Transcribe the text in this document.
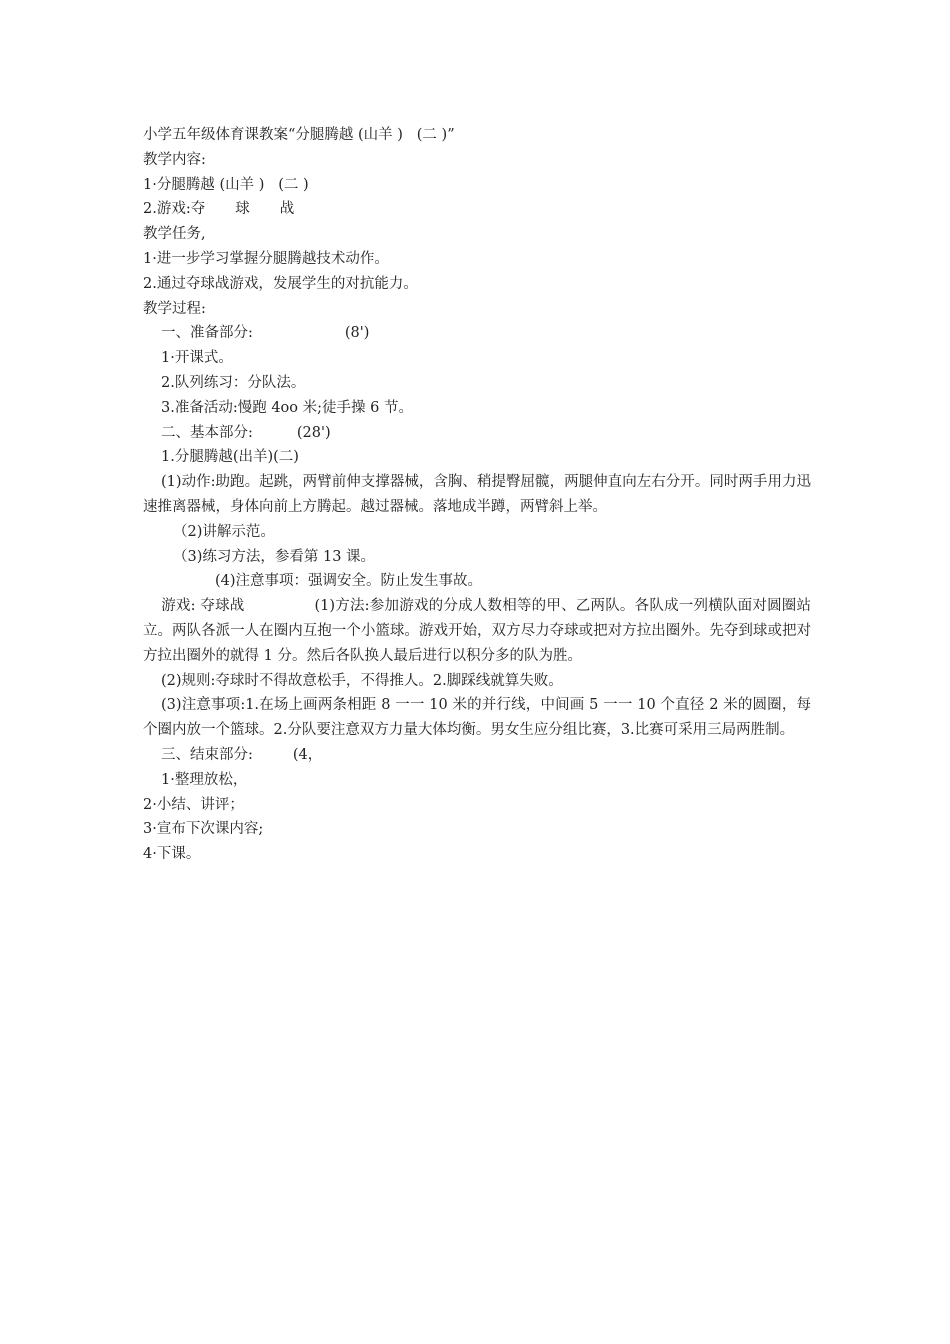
小学五年级体育课教案“分腿腾越 (山羊 )   (二 )”

教学内容:

1·分腿腾越 (山羊 )   (二 )

2.游戏:夺 球 战

教学任务,

1·进一步学习掌握分腿腾越技术动作。

2.通过夺球战游戏，发展学生的对抗能力。

教学过程:

一、准备部分:	(8')

1·开课式。

2.队列练习：分队法。

3.准备活动:慢跑 4oo 米;徒手操 6 节。

二、基本部分:	(28')

1.分腿腾越(出羊)(二)

(1)动作:助跑。起跳，两臂前伸支撑器械，含胸、稍提臀屈髋，两腿伸直向左右分开。同时两手用力迅速推离器械，身体向前上方腾起。越过器械。落地成半蹲，两臂斜上举。

（2)讲解示范。

（3)练习方法，参看第 13 课。

(4)注意事项：强调安全。防止发生事故。

游戏: 夺球战	(1)方法:参加游戏的分成人数相等的甲、乙两队。各队成一列横队面对圆圈站立。两队各派一人在圈内互抱一个小篮球。游戏开始，双方尽力夺球或把对方拉出圈外。先夺到球或把对方拉出圈外的就得 1 分。然后各队换人最后进行以积分多的队为胜。

(2)规则:夺球时不得故意松手，不得推人。2.脚踩线就算失败。

(3)注意事项:1.在场上画两条相距 8 一一 10 米的并行线，中间画 5 一一 10 个直径 2 米的圆圈，每个圈内放一个篮球。2.分队要注意双方力量大体均衡。男女生应分组比赛，3.比赛可采用三局两胜制。

三、结束部分:	(4，

1·整理放松，

2·小结、讲评；

3·宣布下次课内容;

4·下课。
